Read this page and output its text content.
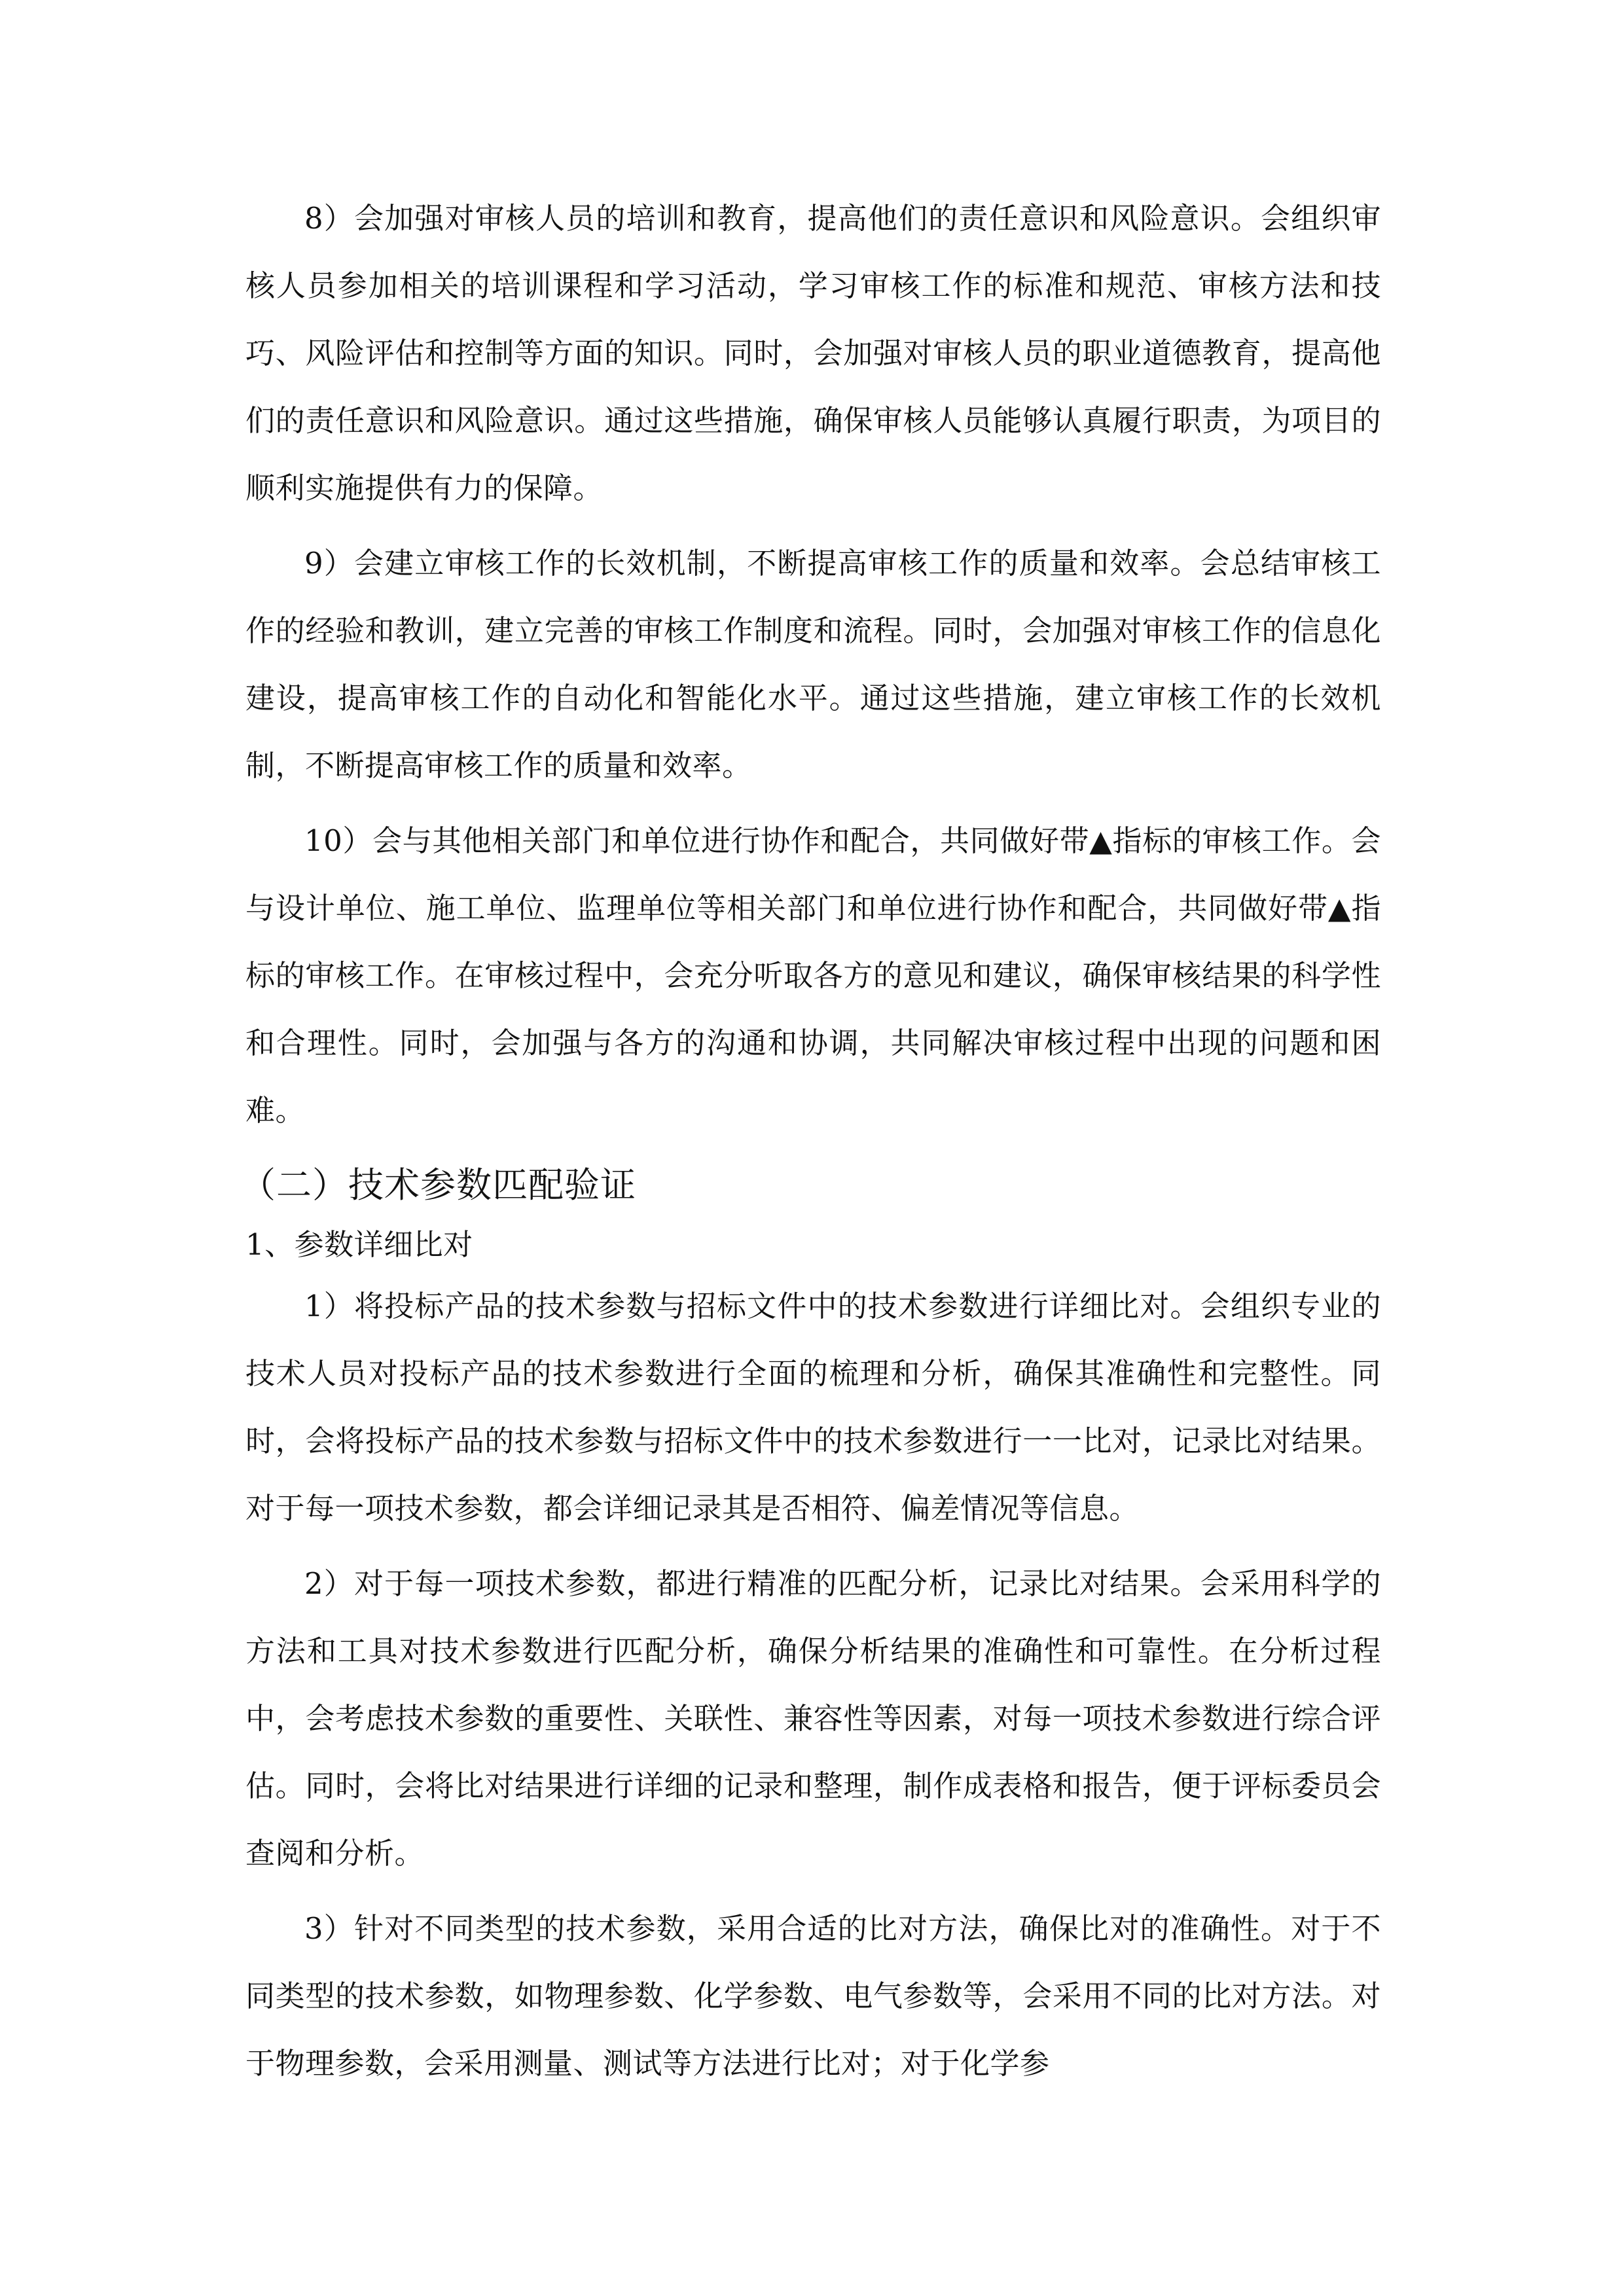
8）会加强对审核人员的培训和教育，提高他们的责任意识和风险意识。会组织审核人员参加相关的培训课程和学习活动，学习审核工作的标准和规范、审核方法和技巧、风险评估和控制等方面的知识。同时，会加强对审核人员的职业道德教育，提高他们的责任意识和风险意识。通过这些措施，确保审核人员能够认真履行职责，为项目的顺利实施提供有力的保障。

9）会建立审核工作的长效机制，不断提高审核工作的质量和效率。会总结审核工作的经验和教训，建立完善的审核工作制度和流程。同时，会加强对审核工作的信息化建设，提高审核工作的自动化和智能化水平。通过这些措施，建立审核工作的长效机制，不断提高审核工作的质量和效率。

10）会与其他相关部门和单位进行协作和配合，共同做好带▲指标的审核工作。会与设计单位、施工单位、监理单位等相关部门和单位进行协作和配合，共同做好带▲指标的审核工作。在审核过程中，会充分听取各方的意见和建议，确保审核结果的科学性和合理性。同时，会加强与各方的沟通和协调，共同解决审核过程中出现的问题和困难。

（二）技术参数匹配验证
1、参数详细比对

1）将投标产品的技术参数与招标文件中的技术参数进行详细比对。会组织专业的技术人员对投标产品的技术参数进行全面的梳理和分析，确保其准确性和完整性。同时，会将投标产品的技术参数与招标文件中的技术参数进行一一比对，记录比对结果。对于每一项技术参数，都会详细记录其是否相符、偏差情况等信息。

2）对于每一项技术参数，都进行精准的匹配分析，记录比对结果。会采用科学的方法和工具对技术参数进行匹配分析，确保分析结果的准确性和可靠性。在分析过程中，会考虑技术参数的重要性、关联性、兼容性等因素，对每一项技术参数进行综合评估。同时，会将比对结果进行详细的记录和整理，制作成表格和报告，便于评标委员会查阅和分析。

3）针对不同类型的技术参数，采用合适的比对方法，确保比对的准确性。对于不同类型的技术参数，如物理参数、化学参数、电气参数等，会采用不同的比对方法。对于物理参数，会采用测量、测试等方法进行比对；对于化学参
